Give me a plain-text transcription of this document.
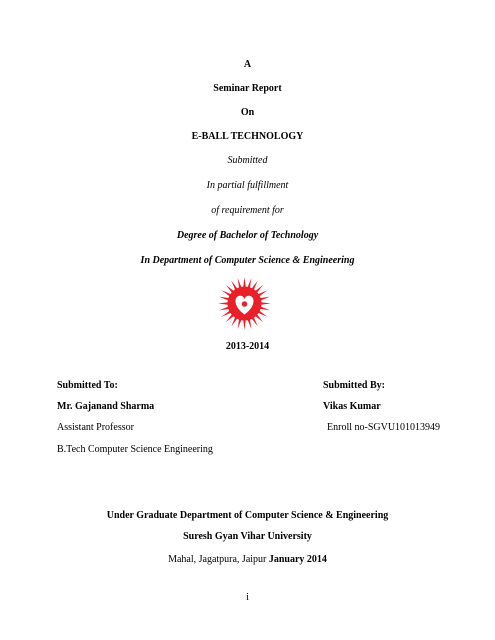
A
Seminar Report
On
E-BALL TECHNOLOGY
Submitted
In partial fulfillment
of requirement for
Degree of Bachelor of Technology
In Department of Computer Science & Engineering
2013-2014
Submitted To:
Mr. Gajanand Sharma
Assistant Professor
B.Tech Computer Science Engineering
Submitted By:
Vikas Kumar
Enroll no-SGVU101013949
Under Graduate Department of Computer Science & Engineering
Suresh Gyan Vihar University
Mahal, Jagatpura, Jaipur January 2014
i
